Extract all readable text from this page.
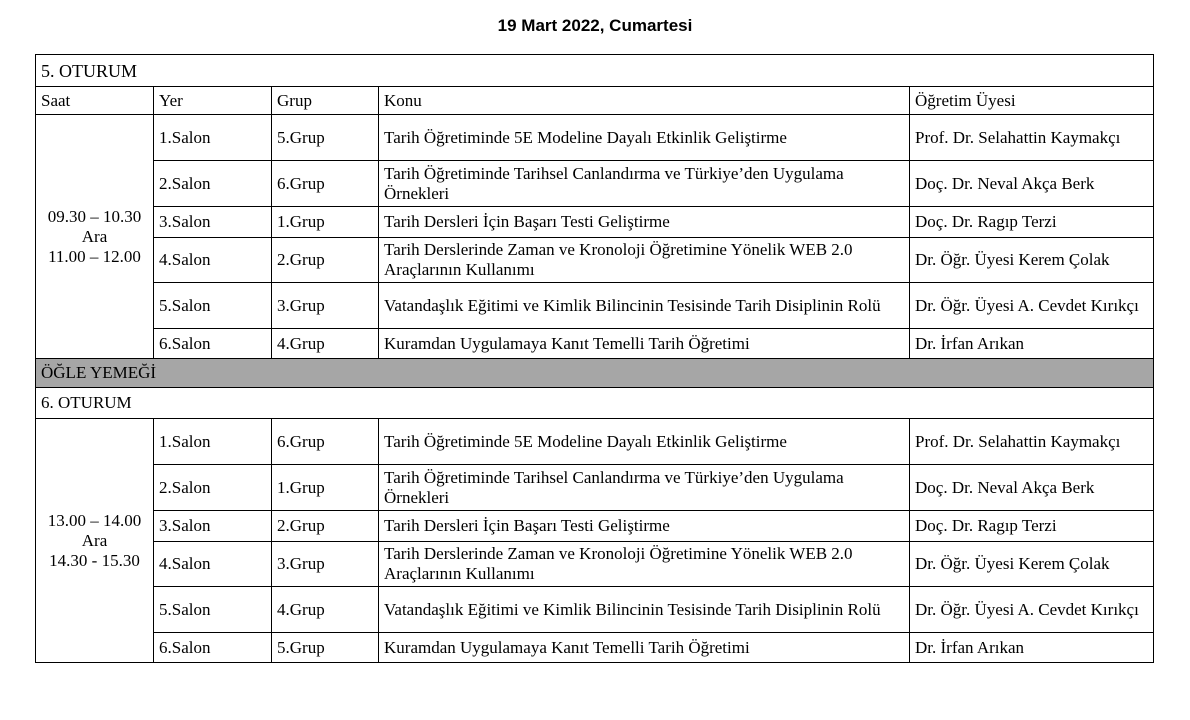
19 Mart 2022, Cumartesi
5. OTURUM				
Saat	Yer	Grup	Konu	Öğretim Üyesi

09.30 – 10.30
Ara
11.00 – 12.00	1.Salon	5.Grup	Tarih Öğretiminde 5E Modeline Dayalı Etkinlik Geliştirme	Prof. Dr. Selahattin Kaymakçı
	2.Salon	6.Grup	Tarih Öğretiminde Tarihsel Canlandırma ve Türkiye’den Uygulama Örnekleri	Doç. Dr. Neval Akça Berk
	3.Salon	1.Grup	Tarih Dersleri İçin Başarı Testi Geliştirme	Doç. Dr. Ragıp Terzi
	4.Salon	2.Grup	Tarih Derslerinde Zaman ve Kronoloji Öğretimine Yönelik WEB 2.0 Araçlarının Kullanımı	Dr. Öğr. Üyesi Kerem Çolak
	5.Salon	3.Grup	Vatandaşlık Eğitimi ve Kimlik Bilincinin Tesisinde Tarih Disiplinin Rolü	Dr. Öğr. Üyesi A. Cevdet Kırıkçı
	6.Salon	4.Grup	Kuramdan Uygulamaya Kanıt Temelli Tarih Öğretimi	Dr. İrfan Arıkan
ÖĞLE YEMEĞİ				
6. OTURUM				

13.00 – 14.00
Ara
14.30 - 15.30	1.Salon	6.Grup	Tarih Öğretiminde 5E Modeline Dayalı Etkinlik Geliştirme	Prof. Dr. Selahattin Kaymakçı
	2.Salon	1.Grup	Tarih Öğretiminde Tarihsel Canlandırma ve Türkiye’den Uygulama Örnekleri	Doç. Dr. Neval Akça Berk
	3.Salon	2.Grup	Tarih Dersleri İçin Başarı Testi Geliştirme	Doç. Dr. Ragıp Terzi
	4.Salon	3.Grup	Tarih Derslerinde Zaman ve Kronoloji Öğretimine Yönelik WEB 2.0 Araçlarının Kullanımı	Dr. Öğr. Üyesi Kerem Çolak
	5.Salon	4.Grup	Vatandaşlık Eğitimi ve Kimlik Bilincinin Tesisinde Tarih Disiplinin Rolü	Dr. Öğr. Üyesi A. Cevdet Kırıkçı
	6.Salon	5.Grup	Kuramdan Uygulamaya Kanıt Temelli Tarih Öğretimi	Dr. İrfan Arıkan
